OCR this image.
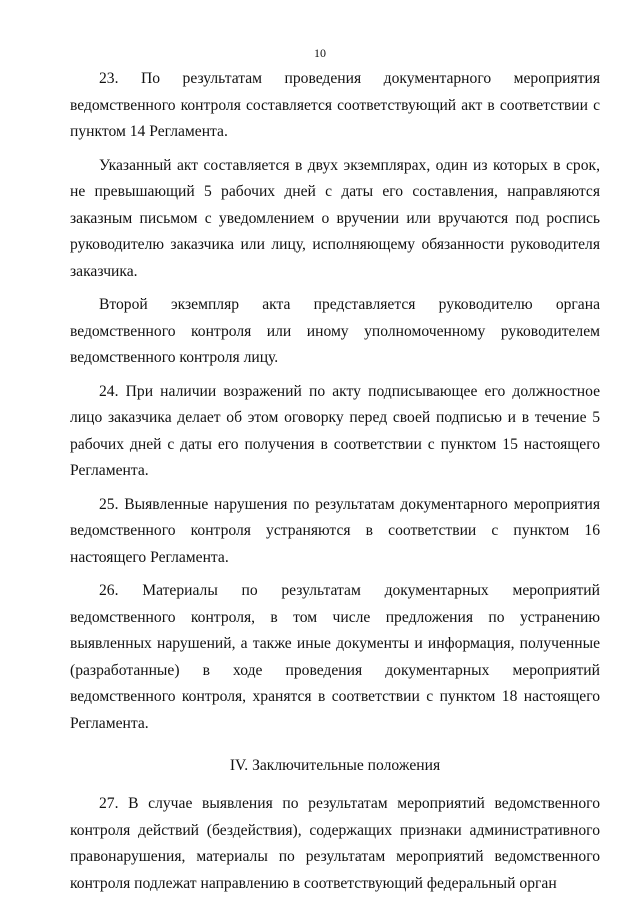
10

23. По результатам проведения документарного мероприятия ведомственного контроля составляется соответствующий акт в соответствии с пунктом 14 Регламента.

Указанный акт составляется в двух экземплярах, один из которых в срок, не превышающий 5 рабочих дней с даты его составления, направляются заказным письмом с уведомлением о вручении или вручаются под роспись руководителю заказчика или лицу, исполняющему обязанности руководителя заказчика.

Второй экземпляр акта представляется руководителю органа ведомственного контроля или иному уполномоченному руководителем ведомственного контроля лицу.

24. При наличии возражений по акту подписывающее его должностное лицо заказчика делает об этом оговорку перед своей подписью и в течение 5 рабочих дней с даты его получения в соответствии с пунктом 15 настоящего Регламента.

25. Выявленные нарушения по результатам документарного мероприятия ведомственного контроля устраняются в соответствии с пунктом 16 настоящего Регламента.

26. Материалы по результатам документарных мероприятий ведомственного контроля, в том числе предложения по устранению выявленных нарушений, а также иные документы и информация, полученные (разработанные) в ходе проведения документарных мероприятий ведомственного контроля, хранятся в соответствии с пунктом 18 настоящего Регламента.

IV. Заключительные положения

27. В случае выявления по результатам мероприятий ведомственного контроля действий (бездействия), содержащих признаки административного правонарушения, материалы по результатам мероприятий ведомственного контроля подлежат направлению в соответствующий федеральный орган
